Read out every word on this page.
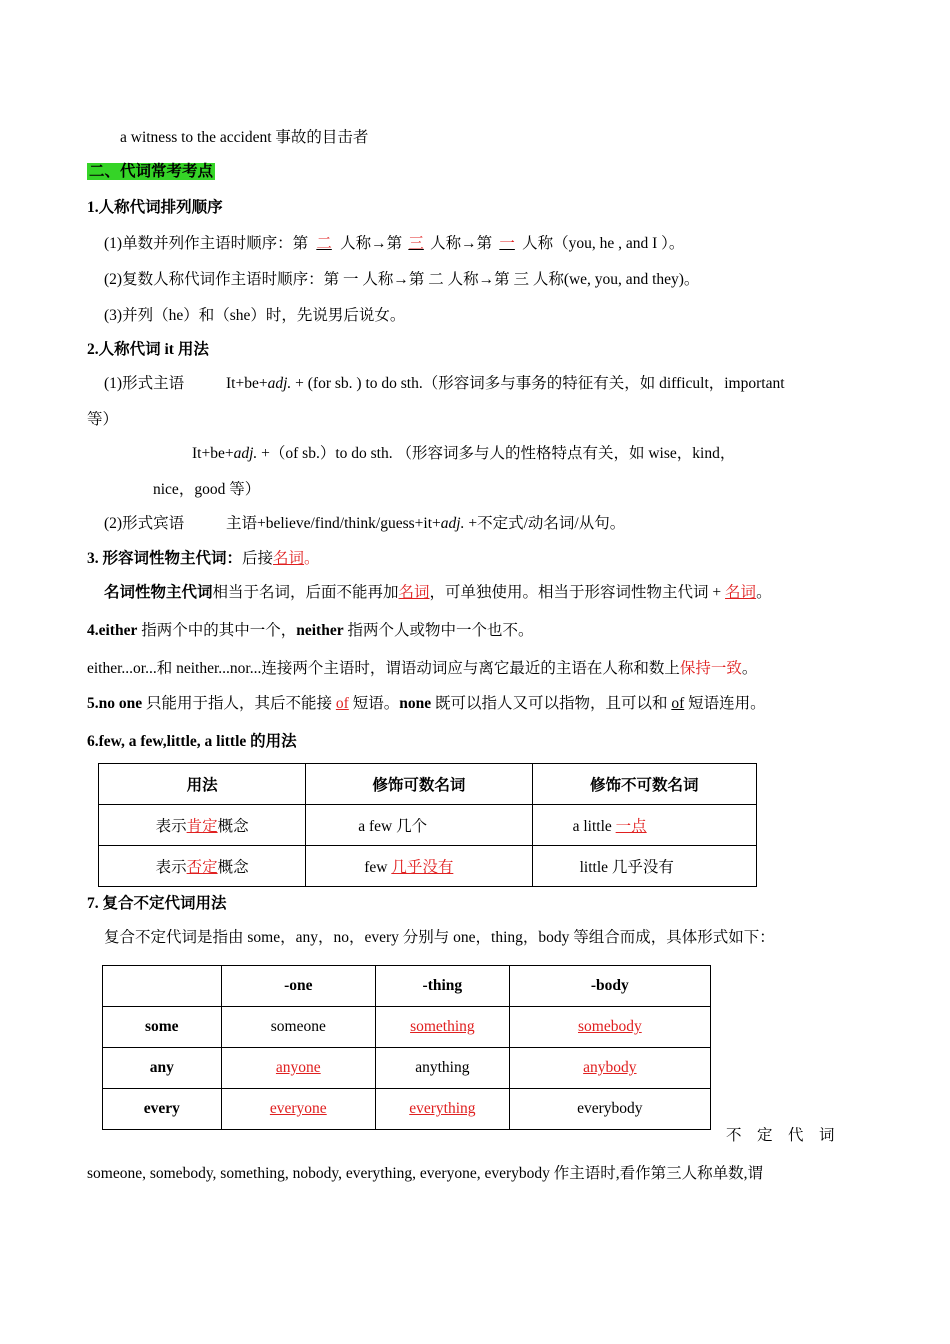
a witness to the accident 事故的目击者
二、代词常考考点
1.人称代词排列顺序
(1)单数并列作主语时顺序：第 二 人称→第 三 人称→第 一 人称（you, he , and I ）。
(2)复数人称代词作主语时顺序：第 一 人称→第 二 人称→第 三 人称(we, you, and they)。
(3)并列（he）和（she）时，先说男后说女。
2.人称代词 it 用法
(1)形式主语	It+be+adj. + (for sb. ) to do sth.（形容词多与事务的特征有关，如 difficult，important
等）
It+be+adj. +（of sb.）to do sth. （形容词多与人的性格特点有关，如 wise，kind，
nice，good 等）
(2)形式宾语	主语+believe/find/think/guess+it+adj. +不定式/动名词/从句。
3. 形容词性物主代词：后接名词。
名词性物主代词相当于名词，后面不能再加名词，可单独使用。相当于形容词性物主代词 + 名词。
4.either 指两个中的其中一个，neither 指两个人或物中一个也不。
either...or...和 neither...nor...连接两个主语时，谓语动词应与离它最近的主语在人称和数上保持一致。
5.no one 只能用于指人，其后不能接 of 短语。none 既可以指人又可以指物，且可以和 of 短语连用。
6.few, a few,little, a little 的用法
用法	修饰可数名词	修饰不可数名词
表示肯定概念	a few 几个	a little 一点
表示否定概念	few 几乎没有	little 几乎没有
7. 复合不定代词用法
复合不定代词是指由 some，any，no，every 分别与 one，thing，body 等组合而成，具体形式如下：
	-one	-thing	-body
some	someone	something	somebody
any	anyone	anything	anybody
every	everyone	everything	everybody
不　定　代　词
someone, somebody, something, nobody, everything, everyone, everybody 作主语时,看作第三人称单数,谓
